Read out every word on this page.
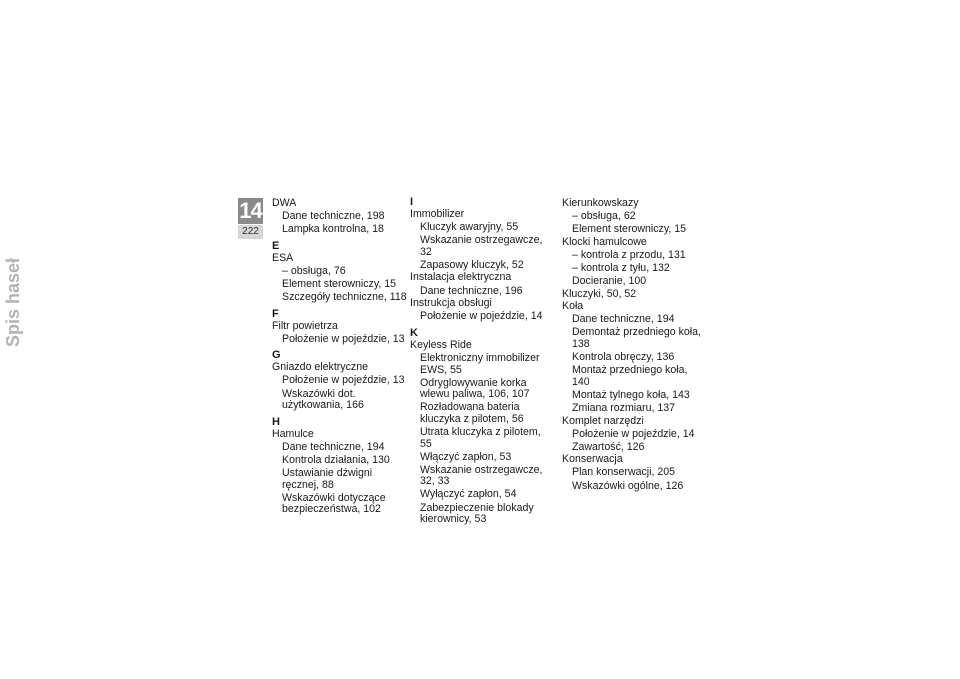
14
222
Spis haseł
DWA
Dane techniczne, 198
Lampka kontrolna, 18
E
ESA
– obsługa, 76
Element sterowniczy, 15
Szczegóły techniczne, 118
F
Filtr powietrza
Położenie w pojeździe, 13
G
Gniazdo elektryczne
Położenie w pojeździe, 13
Wskazówki dot. użytkowania, 166
H
Hamulce
Dane techniczne, 194
Kontrola działania, 130
Ustawianie dźwigni ręcznej, 88
Wskazówki dotyczące bezpieczeństwa, 102
I
Immobilizer
Kluczyk awaryjny, 55
Wskazanie ostrzegawcze, 32
Zapasowy kluczyk, 52
Instalacja elektryczna
Dane techniczne, 196
Instrukcja obsługi
Położenie w pojeździe, 14
K
Keyless Ride
Elektroniczny immobilizer EWS, 55
Odryglowywanie korka wlewu paliwa, 106, 107
Rozładowana bateria kluczyka z pilotem, 56
Utrata kluczyka z pilotem, 55
Włączyć zapłon, 53
Wskazanie ostrzegawcze, 32, 33
Wyłączyć zapłon, 54
Zabezpieczenie blokady kierownicy, 53
Kierunkowskazy
– obsługa, 62
Element sterowniczy, 15
Klocki hamulcowe
– kontrola z przodu, 131
– kontrola z tyłu, 132
Docieranie, 100
Kluczyki, 50, 52
Koła
Dane techniczne, 194
Demontaż przedniego koła, 138
Kontrola obręczy, 136
Montaż przedniego koła, 140
Montaż tylnego koła, 143
Zmiana rozmiaru, 137
Komplet narzędzi
Położenie w pojeździe, 14
Zawartość, 126
Konserwacja
Plan konserwacji, 205
Wskazówki ogólne, 126
